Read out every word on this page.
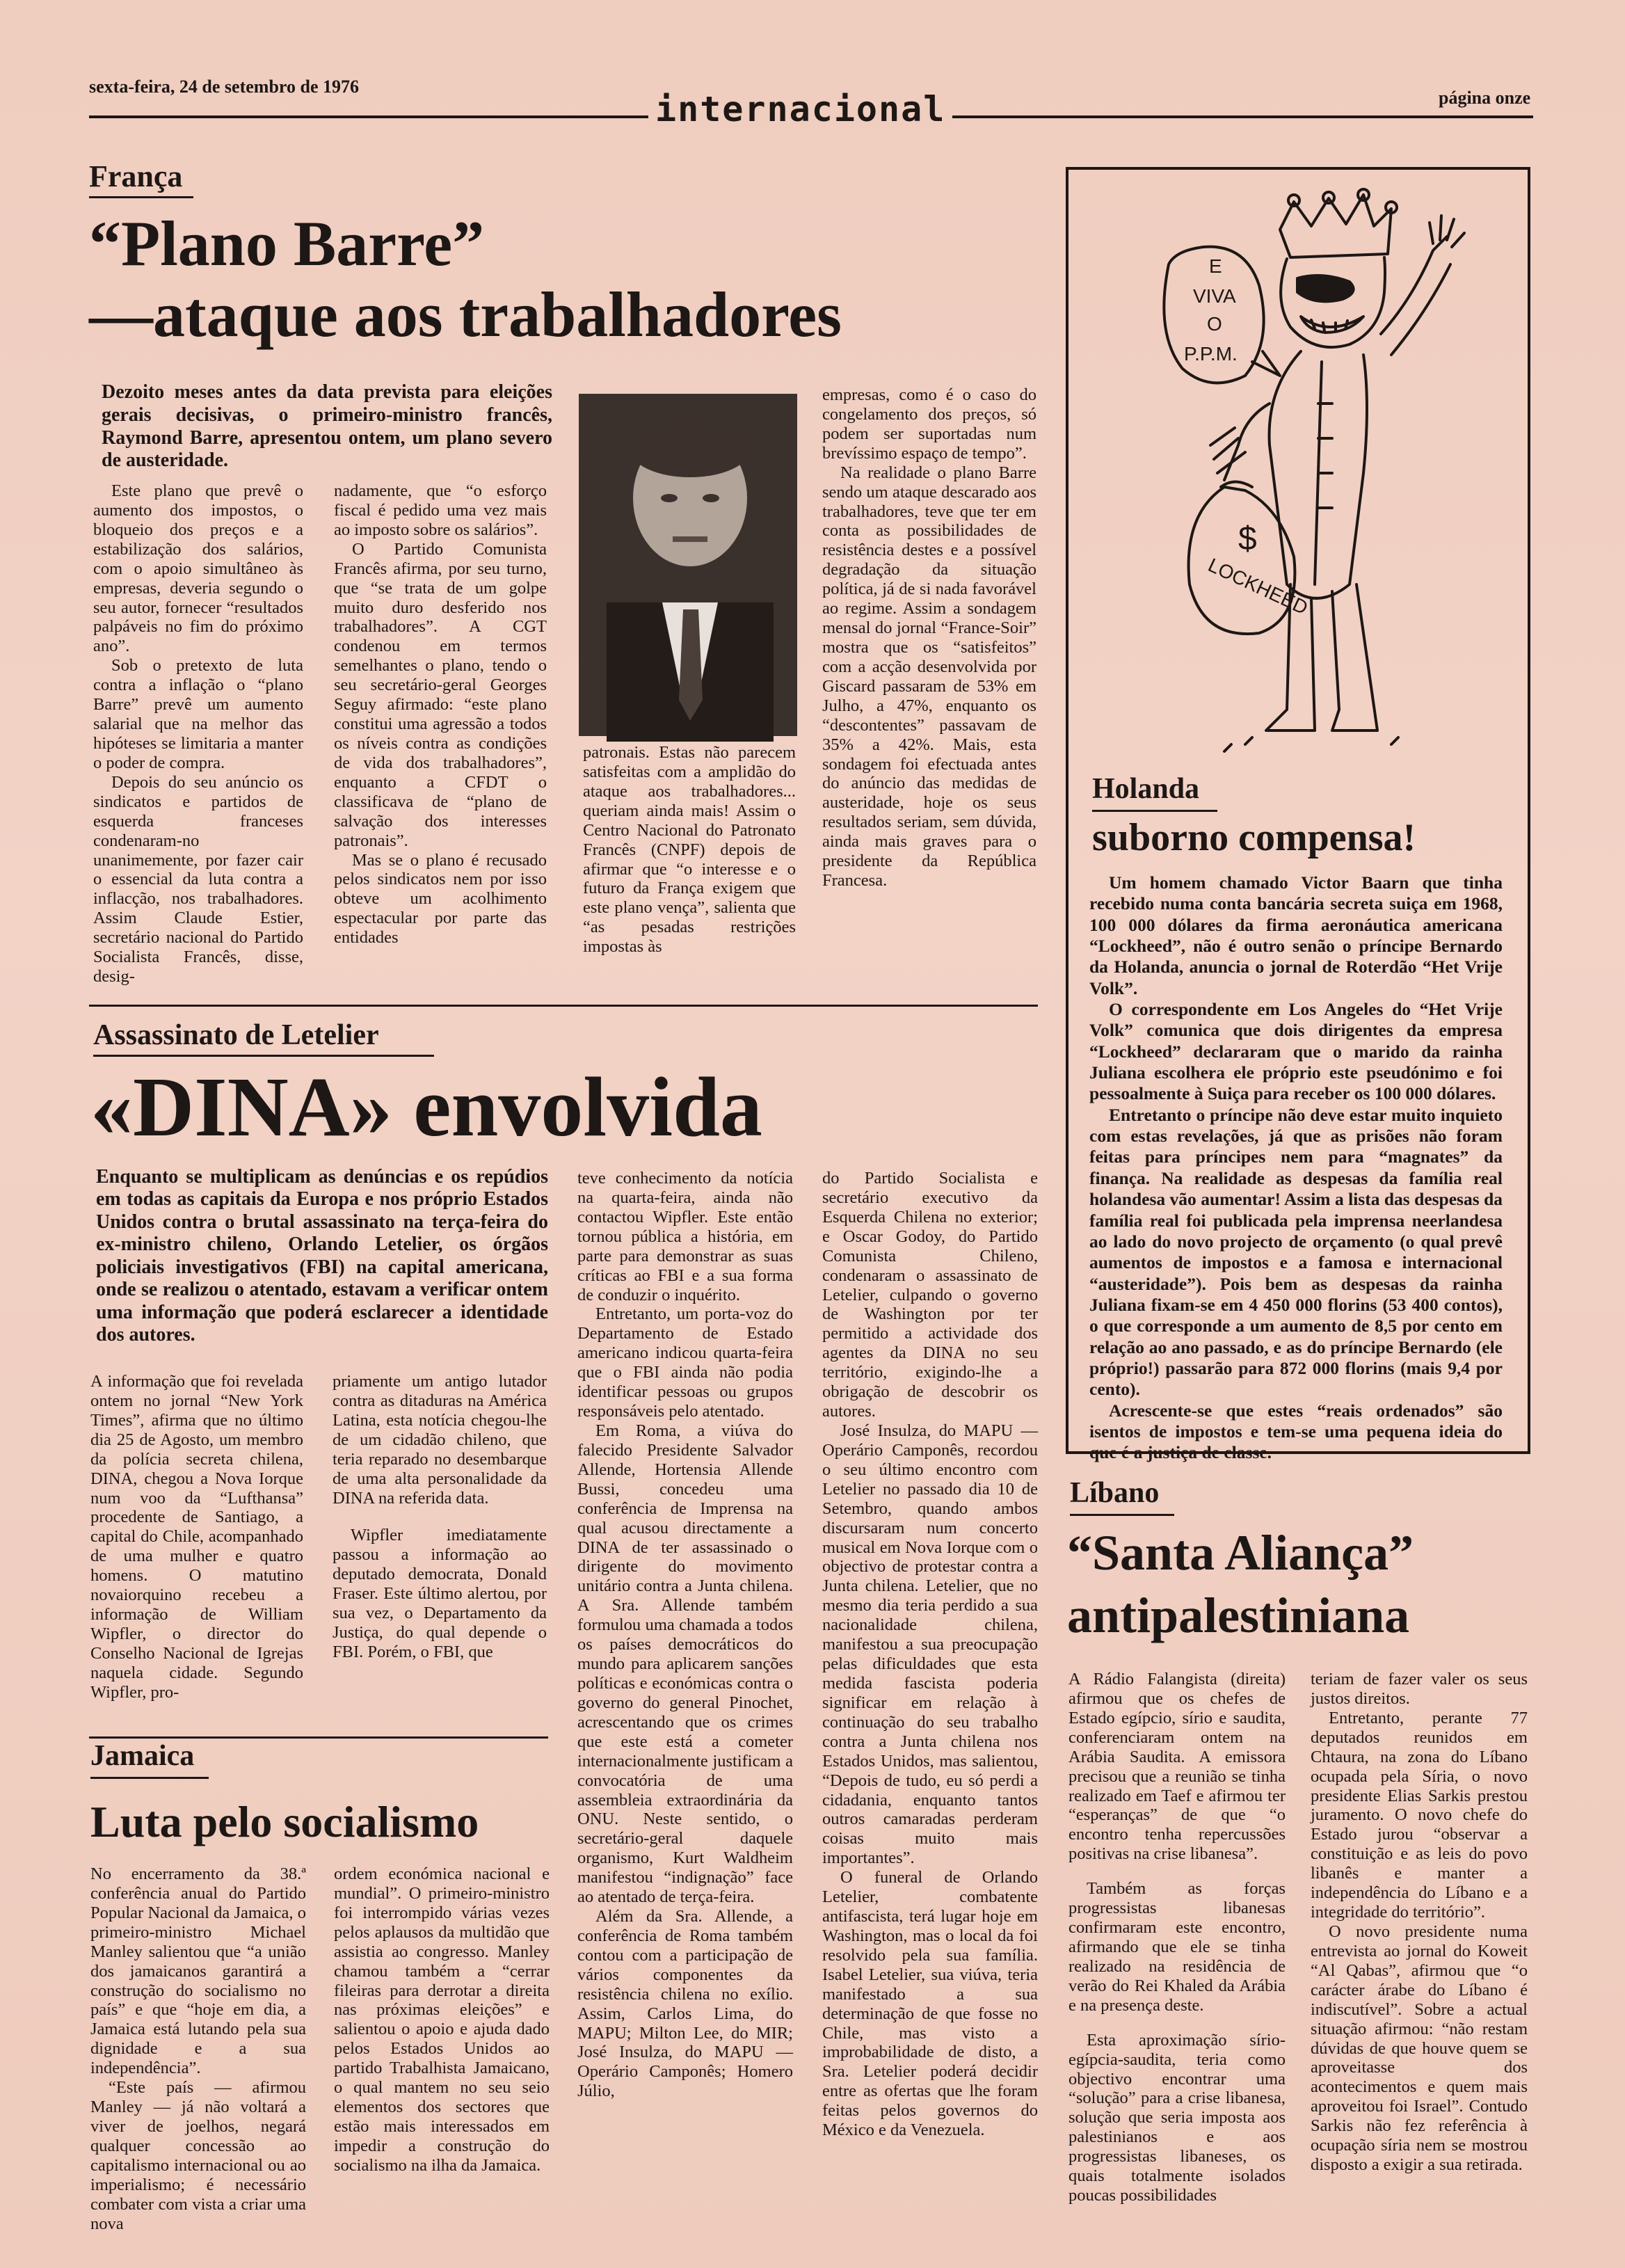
sexta-feira, 24 de setembro de 1976
internacional	página onze
França
“Plano Barre”
—ataque aos trabalhadores
Dezoito meses antes da data prevista para eleições gerais decisivas, o primeiro-ministro francês, Raymond Barre, apresentou ontem, um plano severo de austeridade.

Este plano que prevê o aumento dos impostos, o bloqueio dos preços e a estabilização dos salários, com o apoio simultâneo às empresas, deveria segundo o seu autor, fornecer “resultados palpáveis no fim do próximo ano”.

Sob o pretexto de luta contra a inflação o “plano Barre” prevê um aumento salarial que na melhor das hipóteses se limitaria a manter o poder de compra.

Depois do seu anúncio os sindicatos e partidos de esquerda franceses condenaram-no unanimemente, por fazer cair o essencial da luta contra a inflacção, nos trabalhadores. Assim Claude Estier, secretário nacional do Partido Socialista Francês, disse, desig-

nadamente, que “o esforço fiscal é pedido uma vez mais ao imposto sobre os salários”.

O Partido Comunista Francês afirma, por seu turno, que “se trata de um golpe muito duro desferido nos trabalhadores”. A CGT condenou em termos semelhantes o plano, tendo o seu secretário-geral Georges Seguy afirmado: “este plano constitui uma agressão a todos os níveis contra as condições de vida dos trabalhadores”, enquanto a CFDT o classificava de “plano de salvação dos interesses patronais”.

Mas se o plano é recusado pelos sindicatos nem por isso obteve um acolhimento espectacular por parte das entidades

patronais. Estas não parecem satisfeitas com a amplidão do ataque aos trabalhadores... queriam ainda mais! Assim o Centro Nacional do Patronato Francês (CNPF) depois de afirmar que “o interesse e o futuro da França exigem que este plano vença”, salienta que “as pesadas restrições impostas às

empresas, como é o caso do congelamento dos preços, só podem ser suportadas num brevíssimo espaço de tempo”.

Na realidade o plano Barre sendo um ataque descarado aos trabalhadores, teve que ter em conta as possibilidades de resistência destes e a possível degradação da situação política, já de si nada favorável ao regime. Assim a sondagem mensal do jornal “France-Soir” mostra que os “satisfeitos” com a acção desenvolvida por Giscard passaram de 53% em Julho, a 47%, enquanto os “descontentes” passavam de 35% a 42%. Mais, esta sondagem foi efectuada antes do anúncio das medidas de austeridade, hoje os seus resultados seriam, sem dúvida, ainda mais graves para o presidente da República Francesa.

Assassinato de Letelier
«DINA» envolvida
Enquanto se multiplicam as denúncias e os repúdios em todas as capitais da Europa e nos próprio Estados Unidos contra o brutal assassinato na terça-feira do ex-ministro chileno, Orlando Letelier, os órgãos policiais investigativos (FBI) na capital americana, onde se realizou o atentado, estavam a verificar ontem uma informação que poderá esclarecer a identidade dos autores.

A informação que foi revelada ontem no jornal “New York Times”, afirma que no último dia 25 de Agosto, um membro da polícia secreta chilena, DINA, chegou a Nova Iorque num voo da “Lufthansa” procedente de Santiago, a capital do Chile, acompanhado de uma mulher e quatro homens. O matutino novaiorquino recebeu a informação de William Wipfler, o director do Conselho Nacional de Igrejas naquela cidade. Segundo Wipfler, pro-

priamente um antigo lutador contra as ditaduras na América Latina, esta notícia chegou-lhe de um cidadão chileno, que teria reparado no desembarque de uma alta personalidade da DINA na referida data.

Wipfler imediatamente passou a informação ao deputado democrata, Donald Fraser. Este último alertou, por sua vez, o Departamento da Justiça, do qual depende o FBI. Porém, o FBI, que

teve conhecimento da notícia na quarta-feira, ainda não contactou Wipfler. Este então tornou pública a história, em parte para demonstrar as suas críticas ao FBI e a sua forma de conduzir o inquérito.

Entretanto, um porta-voz do Departamento de Estado americano indicou quarta-feira que o FBI ainda não podia identificar pessoas ou grupos responsáveis pelo atentado.

Em Roma, a viúva do falecido Presidente Salvador Allende, Hortensia Allende Bussi, concedeu uma conferência de Imprensa na qual acusou directamente a DINA de ter assassinado o dirigente do movimento unitário contra a Junta chilena. A Sra. Allende também formulou uma chamada a todos os países democráticos do mundo para aplicarem sanções políticas e económicas contra o governo do general Pinochet, acrescentando que os crimes que este está a cometer internacionalmente justificam a convocatória de uma assembleia extraordinária da ONU. Neste sentido, o secretário-geral daquele organismo, Kurt Waldheim manifestou “indignação” face ao atentado de terça-feira.

Além da Sra. Allende, a conferência de Roma também contou com a participação de vários componentes da resistência chilena no exílio. Assim, Carlos Lima, do MAPU; Milton Lee, do MIR; José Insulza, do MAPU — Operário Camponês; Homero Júlio,

do Partido Socialista e secretário executivo da Esquerda Chilena no exterior; e Oscar Godoy, do Partido Comunista Chileno, condenaram o assassinato de Letelier, culpando o governo de Washington por ter permitido a actividade dos agentes da DINA no seu território, exigindo-lhe a obrigação de descobrir os autores.

José Insulza, do MAPU — Operário Camponês, recordou o seu último encontro com Letelier no passado dia 10 de Setembro, quando ambos discursaram num concerto musical em Nova Iorque com o objectivo de protestar contra a Junta chilena. Letelier, que no mesmo dia teria perdido a sua nacionalidade chilena, manifestou a sua preocupação pelas dificuldades que esta medida fascista poderia significar em relação à continuação do seu trabalho contra a Junta chilena nos Estados Unidos, mas salientou, “Depois de tudo, eu só perdi a cidadania, enquanto tantos outros camaradas perderam coisas muito mais importantes”.

O funeral de Orlando Letelier, combatente antifascista, terá lugar hoje em Washington, mas o local da foi resolvido pela sua família. Isabel Letelier, sua viúva, teria manifestado a sua determinação de que fosse no Chile, mas visto a improbabilidade de disto, a Sra. Letelier poderá decidir entre as ofertas que lhe foram feitas pelos governos do México e da Venezuela.

Jamaica
Luta pelo socialismo

No encerramento da 38.ª conferência anual do Partido Popular Nacional da Jamaica, o primeiro-ministro Michael Manley salientou que “a união dos jamaicanos garantirá a construção do socialismo no país” e que “hoje em dia, a Jamaica está lutando pela sua dignidade e a sua independência”.

“Este país — afirmou Manley — já não voltará a viver de joelhos, negará qualquer concessão ao capitalismo internacional ou ao imperialismo; é necessário combater com vista a criar uma nova

ordem económica nacional e mundial”. O primeiro-ministro foi interrompido várias vezes pelos aplausos da multidão que assistia ao congresso. Manley chamou também a “cerrar fileiras para derrotar a direita nas próximas eleições” e salientou o apoio e ajuda dado pelos Estados Unidos ao partido Trabalhista Jamaicano, o qual mantem no seu seio elementos dos sectores que estão mais interessados em impedir a construção do socialismo na ilha da Jamaica.

E
VIVA
O
P.P.M.
$
LOCKHEED
Holanda
suborno compensa!

Um homem chamado Victor Baarn que tinha recebido numa conta bancária secreta suiça em 1968, 100 000 dólares da firma aeronáutica americana “Lockheed”, não é outro senão o príncipe Bernardo da Holanda, anuncia o jornal de Roterdão “Het Vrije Volk”.

O correspondente em Los Angeles do “Het Vrije Volk” comunica que dois dirigentes da empresa “Lockheed” declararam que o marido da rainha Juliana escolhera ele próprio este pseudónimo e foi pessoalmente à Suiça para receber os 100 000 dólares.

Entretanto o príncipe não deve estar muito inquieto com estas revelações, já que as prisões não foram feitas para príncipes nem para “magnates” da finança. Na realidade as despesas da família real holandesa vão aumentar! Assim a lista das despesas da família real foi publicada pela imprensa neerlandesa ao lado do novo projecto de orçamento (o qual prevê aumentos de impostos e a famosa e internacional “austeridade”). Pois bem as despesas da rainha Juliana fixam-se em 4 450 000 florins (53 400 contos), o que corresponde a um aumento de 8,5 por cento em relação ao ano passado, e as do príncipe Bernardo (ele próprio!) passarão para 872 000 florins (mais 9,4 por cento).

Acrescente-se que estes “reais ordenados” são isentos de impostos e tem-se uma pequena ideia do que é a justiça de classe.

Líbano
“Santa Aliança”
antipalestiniana

A Rádio Falangista (direita) afirmou que os chefes de Estado egípcio, sírio e saudita, conferenciaram ontem na Arábia Saudita. A emissora precisou que a reunião se tinha realizado em Taef e afirmou ter “esperanças” de que “o encontro tenha repercussões positivas na crise libanesa”.

Também as forças progressistas libanesas confirmaram este encontro, afirmando que ele se tinha realizado na residência de verão do Rei Khaled da Arábia e na presença deste.

Esta aproximação sírio-egípcia-saudita, teria como objectivo encontrar uma “solução” para a crise libanesa, solução que seria imposta aos palestinianos e aos progressistas libaneses, os quais totalmente isolados poucas possibilidades

teriam de fazer valer os seus justos direitos.

Entretanto, perante 77 deputados reunidos em Chtaura, na zona do Líbano ocupada pela Síria, o novo presidente Elias Sarkis prestou juramento. O novo chefe do Estado jurou “observar a constituição e as leis do povo libanês e manter a independência do Líbano e a integridade do território”.

O novo presidente numa entrevista ao jornal do Koweit “Al Qabas”, afirmou que “o carácter árabe do Líbano é indiscutível”. Sobre a actual situação afirmou: “não restam dúvidas de que houve quem se aproveitasse dos acontecimentos e quem mais aproveitou foi Israel”. Contudo Sarkis não fez referência à ocupação síria nem se mostrou disposto a exigir a sua retirada.
